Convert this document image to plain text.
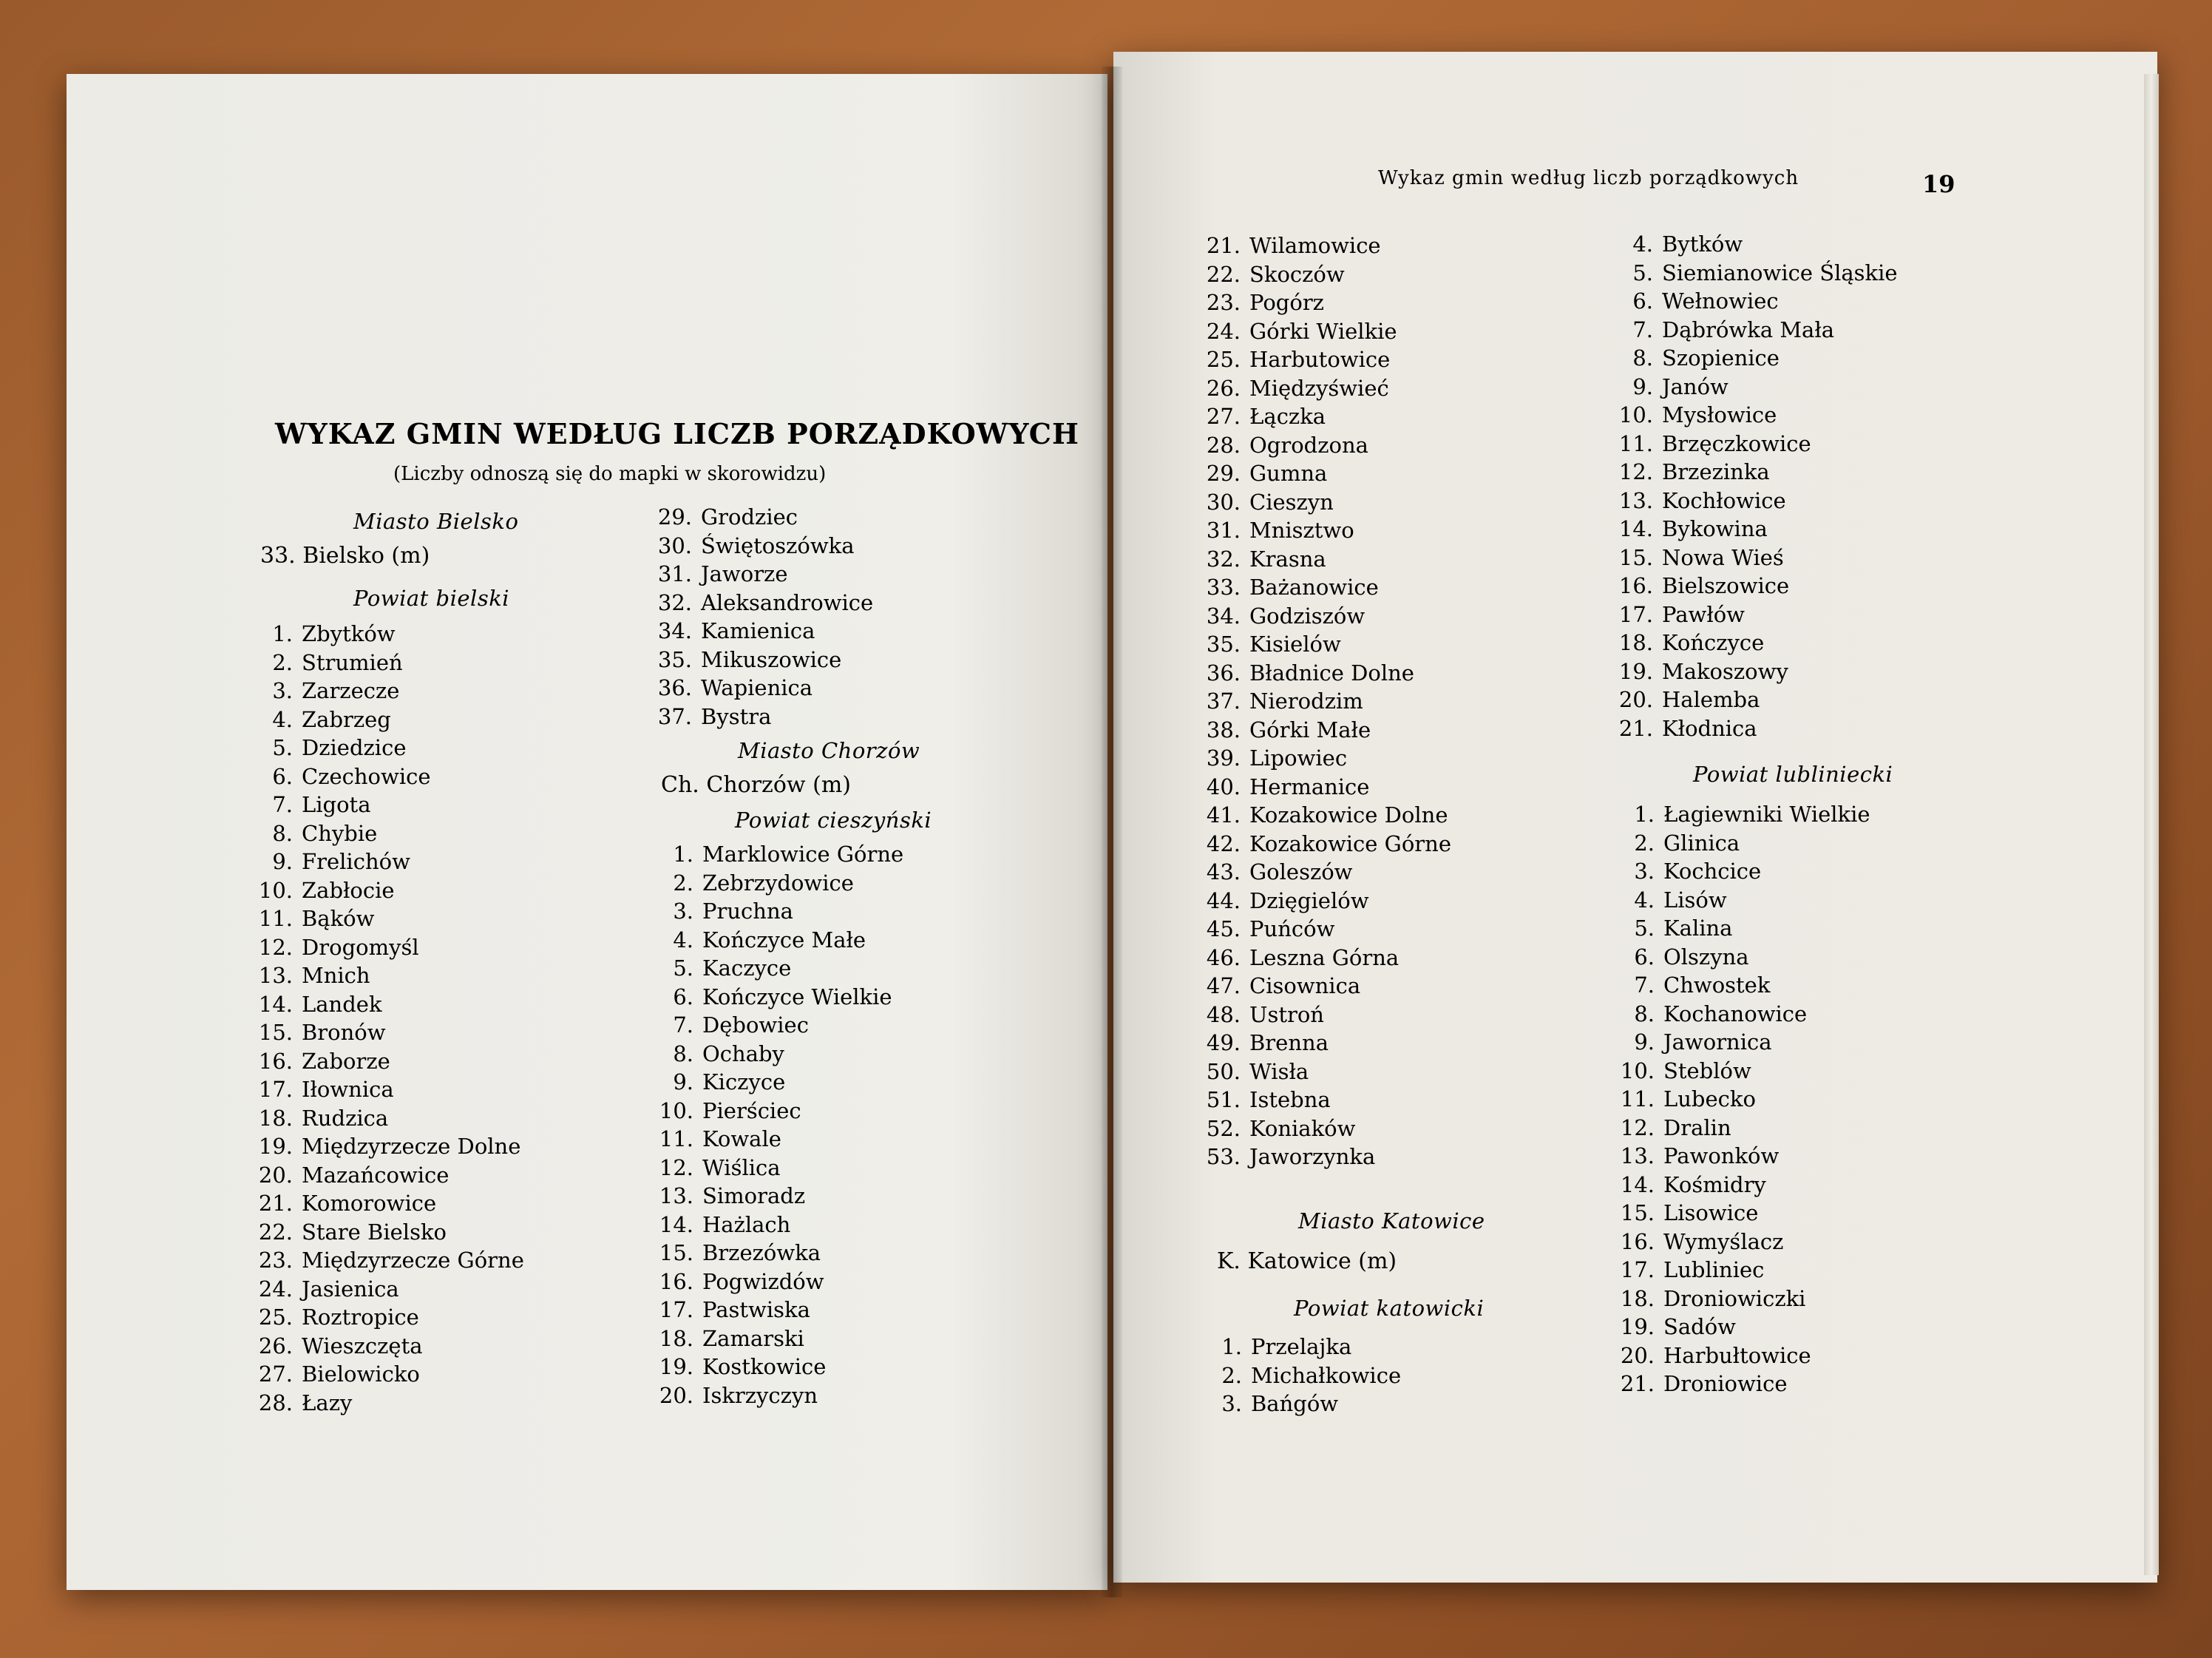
WYKAZ GMIN WEDŁUG LICZB PORZĄDKOWYCH
(Liczby odnoszą się do mapki w skorowidzu)
Miasto Bielsko
33. Bielsko (m)
Powiat bielski
1. Zbytków
2. Strumień
3. Zarzecze
4. Zabrzeg
5. Dziedzice
6. Czechowice
7. Ligota
8. Chybie
9. Frelichów
10. Zabłocie
11. Bąków
12. Drogomyśl
13. Mnich
14. Landek
15. Bronów
16. Zaborze
17. Iłownica
18. Rudzica
19. Międzyrzecze Dolne
20. Mazańcowice
21. Komorowice
22. Stare Bielsko
23. Międzyrzecze Górne
24. Jasienica
25. Roztropice
26. Wieszczęta
27. Bielowicko
28. Łazy
29. Grodziec
30. Świętoszówka
31. Jaworze
32. Aleksandrowice
34. Kamienica
35. Mikuszowice
36. Wapienica
37. Bystra
Miasto Chorzów
Ch. Chorzów (m)
Powiat cieszyński
1. Marklowice Górne
2. Zebrzydowice
3. Pruchna
4. Kończyce Małe
5. Kaczyce
6. Kończyce Wielkie
7. Dębowiec
8. Ochaby
9. Kiczyce
10. Pierściec
11. Kowale
12. Wiślica
13. Simoradz
14. Hażlach
15. Brzezówka
16. Pogwizdów
17. Pastwiska
18. Zamarski
19. Kostkowice
20. Iskrzyczyn
Wykaz gmin według liczb porządkowych	19
21. Wilamowice
22. Skoczów
23. Pogórz
24. Górki Wielkie
25. Harbutowice
26. Międzyświeć
27. Łączka
28. Ogrodzona
29. Gumna
30. Cieszyn
31. Mnisztwo
32. Krasna
33. Bażanowice
34. Godziszów
35. Kisielów
36. Bładnice Dolne
37. Nierodzim
38. Górki Małe
39. Lipowiec
40. Hermanice
41. Kozakowice Dolne
42. Kozakowice Górne
43. Goleszów
44. Dzięgielów
45. Puńców
46. Leszna Górna
47. Cisownica
48. Ustroń
49. Brenna
50. Wisła
51. Istebna
52. Koniaków
53. Jaworzynka
Miasto Katowice
K. Katowice (m)
Powiat katowicki
1. Przelajka
2. Michałkowice
3. Bańgów
4. Bytków
5. Siemianowice Śląskie
6. Wełnowiec
7. Dąbrówka Mała
8. Szopienice
9. Janów
10. Mysłowice
11. Brzęczkowice
12. Brzezinka
13. Kochłowice
14. Bykowina
15. Nowa Wieś
16. Bielszowice
17. Pawłów
18. Kończyce
19. Makoszowy
20. Halemba
21. Kłodnica
Powiat lubliniecki
1. Łagiewniki Wielkie
2. Glinica
3. Kochcice
4. Lisów
5. Kalina
6. Olszyna
7. Chwostek
8. Kochanowice
9. Jawornica
10. Steblów
11. Lubecko
12. Dralin
13. Pawonków
14. Kośmidry
15. Lisowice
16. Wymyślacz
17. Lubliniec
18. Droniowiczki
19. Sadów
20. Harbułtowice
21. Droniowice
